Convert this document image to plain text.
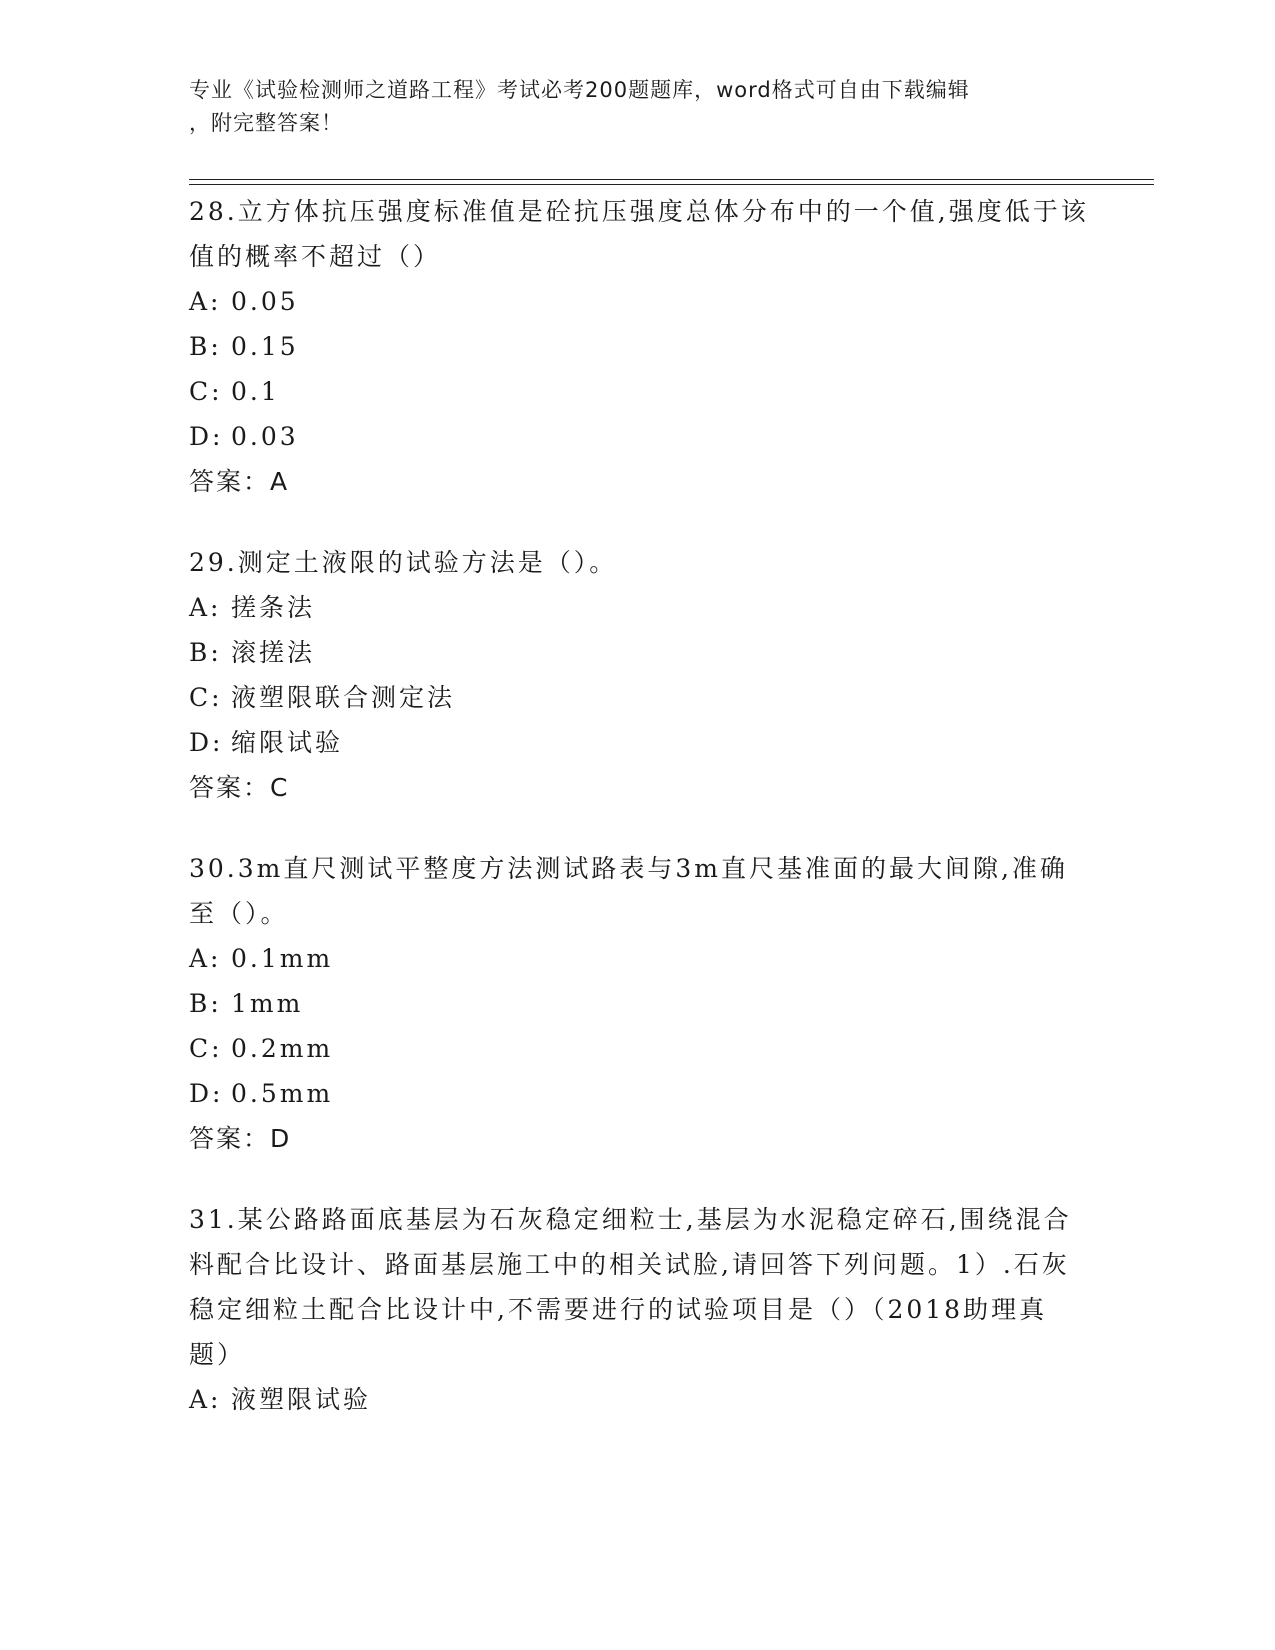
专业《试验检测师之道路工程》考试必考200题题库，word格式可自由下载编辑
，附完整答案！

28.立方体抗压强度标准值是砼抗压强度总体分布中的一个值,强度低于该值的概率不超过（）

A: 0.05

B: 0.15

C: 0.1

D: 0.03

答案：A

29.测定土液限的试验方法是（）。

A: 搓条法

B: 滚搓法

C: 液塑限联合测定法

D: 缩限试验

答案：C

30.3m直尺测试平整度方法测试路表与3m直尺基准面的最大间隙,准确至（）。

A: 0.1mm

B: 1mm

C: 0.2mm

D: 0.5mm

答案：D

31.某公路路面底基层为石灰稳定细粒士,基层为水泥稳定碎石,围绕混合料配合比设计、路面基层施工中的相关试脸,请回答下列问题。1）.石灰稳定细粒土配合比设计中,不需要进行的试验项目是（）（2018助理真题）

A: 液塑限试验
